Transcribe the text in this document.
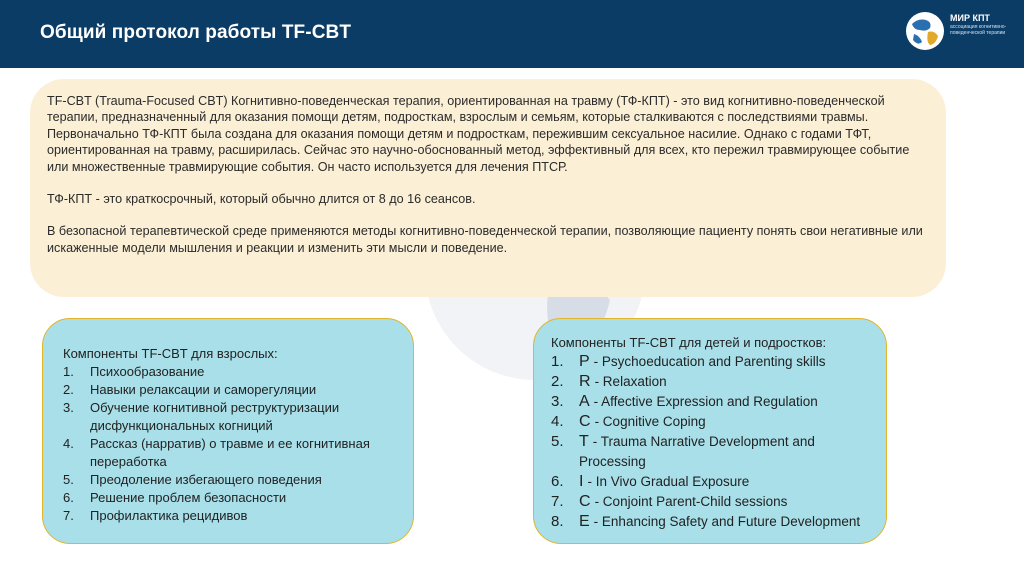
Общий протокол работы TF-CBT
МИР КПТ
ассоциация когнитивно-поведенческой терапии

TF-CBT (Trauma-Focused CBT) Когнитивно-поведенческая терапия, ориентированная на травму (ТФ-КПТ) - это вид когнитивно-поведенческой терапии, предназначенный для оказания помощи детям, подросткам, взрослым и семьям, которые сталкиваются с последствиями травмы.

Первоначально ТФ-КПТ была создана для оказания помощи детям и подросткам, пережившим сексуальное насилие. Однако с годами ТФТ, ориентированная на травму, расширилась. Сейчас это научно-обоснованный метод, эффективный для всех, кто пережил травмирующее событие или множественные травмирующие события. Он часто используется для лечения ПТСР.

ТФ-КПТ - это краткосрочный, который обычно длится от 8 до 16 сеансов.

В безопасной терапевтической среде применяются методы когнитивно-поведенческой терапии, позволяющие пациенту понять свои негативные или искаженные модели мышления и реакции и изменить эти мысли и поведение.

Компоненты TF-CBT для взрослых:
1.	Психообразование
2.	Навыки релаксации и саморегуляции
3.	Обучение когнитивной реструктуризации дисфункциональных когниций
4.	Рассказ (нарратив) о травме и ее когнитивная переработка
5.	Преодоление избегающего поведения
6.	Решение проблем безопасности
7.	Профилактика рецидивов
Компоненты TF-CBT для детей и подростков:
1. P - Psychoeducation and Parenting skills
2. R - Relaxation
3. A - Affective Expression and Regulation
4. C - Cognitive Coping
5. T - Trauma Narrative Development and Processing
6. I - In Vivo Gradual Exposure
7. C - Conjoint Parent-Child sessions
8. E - Enhancing Safety and Future Development
